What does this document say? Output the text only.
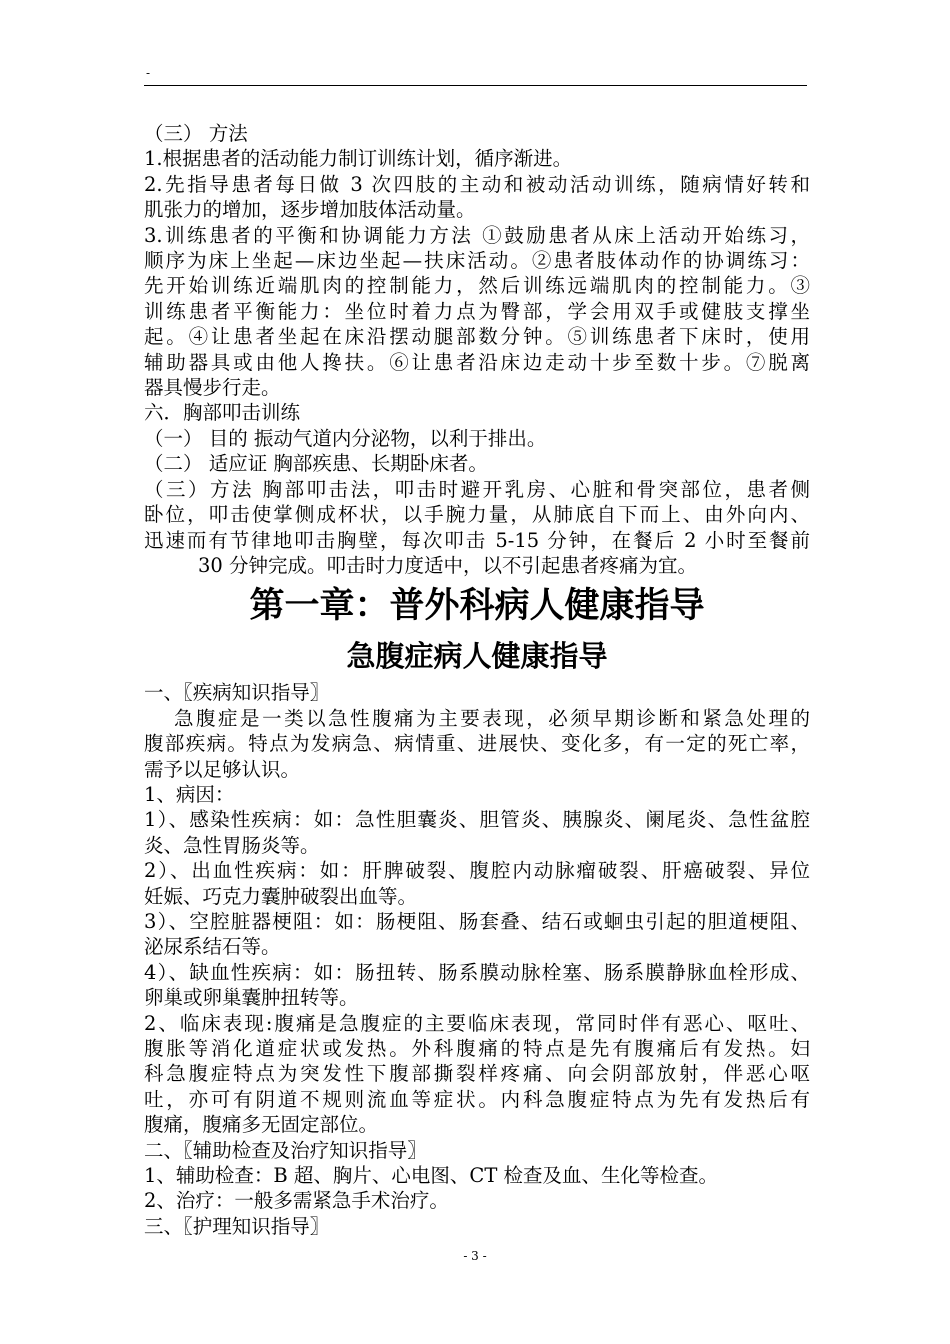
-
（三） 方法
1.根据患者的活动能力制订训练计划，循序渐进。
2.先指导患者每日做 3 次四肢的主动和被动活动训练，随病情好转和
肌张力的增加，逐步增加肢体活动量。
3.训练患者的平衡和协调能力方法 ①鼓励患者从床上活动开始练习，
顺序为床上坐起—床边坐起—扶床活动。②患者肢体动作的协调练习：
先开始训练近端肌肉的控制能力，然后训练远端肌肉的控制能力。③
训练患者平衡能力：坐位时着力点为臀部，学会用双手或健肢支撑坐
起。④让患者坐起在床沿摆动腿部数分钟。⑤训练患者下床时，使用
辅助器具或由他人搀扶。⑥让患者沿床边走动十步至数十步。⑦脱离
器具慢步行走。
六．胸部叩击训练
（一） 目的 振动气道内分泌物，以利于排出。
（二） 适应证 胸部疾患、长期卧床者。
（三）方法 胸部叩击法，叩击时避开乳房、心脏和骨突部位，患者侧
卧位，叩击使掌侧成杯状，以手腕力量，从肺底自下而上、由外向内、
迅速而有节律地叩击胸壁，每次叩击 5-15 分钟，在餐后 2 小时至餐前
30 分钟完成。叩击时力度适中，以不引起患者疼痛为宜。
第一章：普外科病人健康指导
急腹症病人健康指导
一、〖疾病知识指导〗
急腹症是一类以急性腹痛为主要表现，必须早期诊断和紧急处理的
腹部疾病。特点为发病急、病情重、进展快、变化多，有一定的死亡率，
需予以足够认识。
1、病因：
1）、感染性疾病：如：急性胆囊炎、胆管炎、胰腺炎、阑尾炎、急性盆腔
炎、急性胃肠炎等。
2）、出血性疾病：如：肝脾破裂、腹腔内动脉瘤破裂、肝癌破裂、异位
妊娠、巧克力囊肿破裂出血等。
3）、空腔脏器梗阻：如：肠梗阻、肠套叠、结石或蛔虫引起的胆道梗阻、
泌尿系结石等。
4）、缺血性疾病：如：肠扭转、肠系膜动脉栓塞、肠系膜静脉血栓形成、
卵巢或卵巢囊肿扭转等。
2、临床表现:腹痛是急腹症的主要临床表现，常同时伴有恶心、呕吐、
腹胀等消化道症状或发热。外科腹痛的特点是先有腹痛后有发热。妇
科急腹症特点为突发性下腹部撕裂样疼痛、向会阴部放射，伴恶心呕
吐，亦可有阴道不规则流血等症状。内科急腹症特点为先有发热后有
腹痛，腹痛多无固定部位。
二、〖辅助检查及治疗知识指导〗
1、辅助检查：B 超、胸片、心电图、CT 检查及血、生化等检查。
2、治疗：一般多需紧急手术治疗。
三、〖护理知识指导〗
- 3 -
